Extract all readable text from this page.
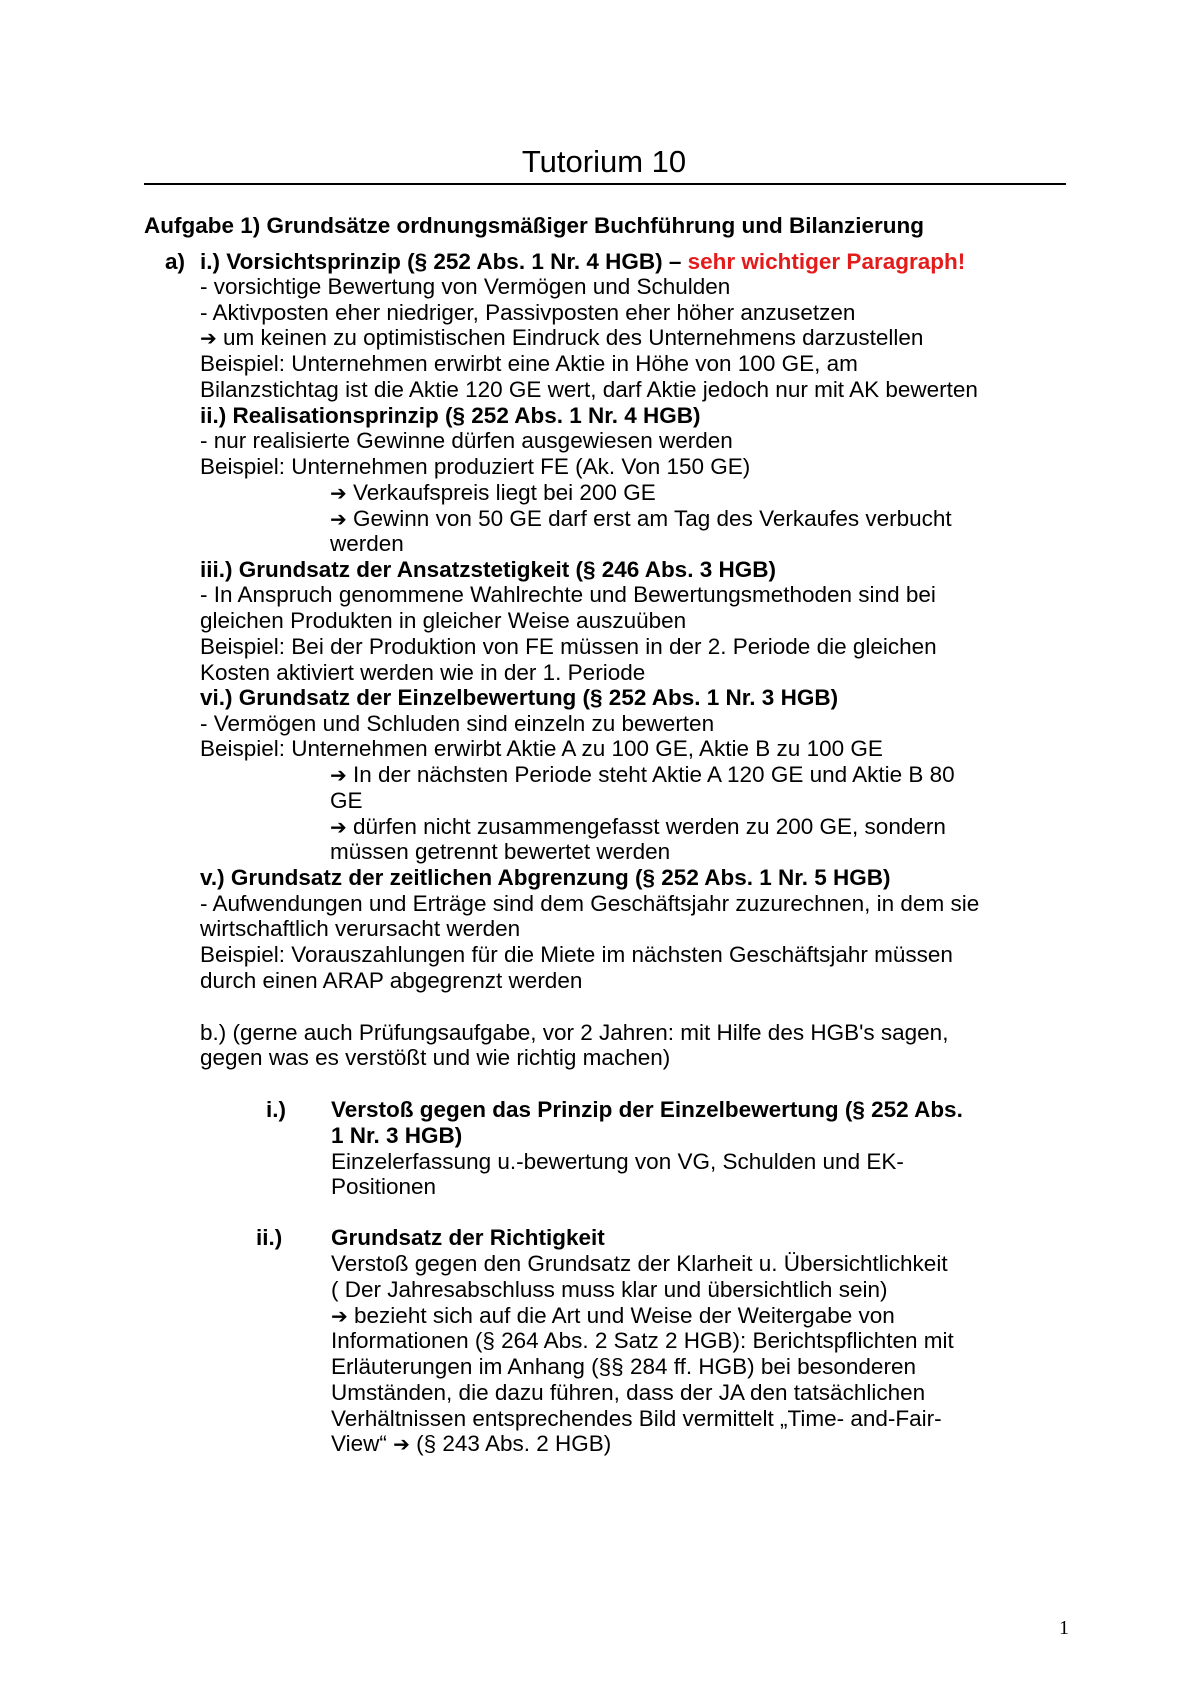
Tutorium 10
Aufgabe 1) Grundsätze ordnungsmäßiger Buchführung und Bilanzierung
a) i.) Vorsichtsprinzip (§ 252 Abs. 1 Nr. 4 HGB) – sehr wichtiger Paragraph!
- vorsichtige Bewertung von Vermögen und Schulden
- Aktivposten eher niedriger, Passivposten eher höher anzusetzen
➔ um keinen zu optimistischen Eindruck des Unternehmens darzustellen
Beispiel: Unternehmen erwirbt eine Aktie in Höhe von 100 GE, am
Bilanzstichtag ist die Aktie 120 GE wert, darf Aktie jedoch nur mit AK bewerten
ii.) Realisationsprinzip (§ 252 Abs. 1 Nr. 4 HGB)
- nur realisierte Gewinne dürfen ausgewiesen werden
Beispiel: Unternehmen produziert FE (Ak. Von 150 GE)
➔ Verkaufspreis liegt bei 200 GE
➔ Gewinn von 50 GE darf erst am Tag des Verkaufes verbucht
werden
iii.) Grundsatz der Ansatzstetigkeit (§ 246 Abs. 3 HGB)
- In Anspruch genommene Wahlrechte und Bewertungsmethoden sind bei
gleichen Produkten in gleicher Weise auszuüben
Beispiel: Bei der Produktion von FE müssen in der 2. Periode die gleichen
Kosten aktiviert werden wie in der 1. Periode
vi.) Grundsatz der Einzelbewertung (§ 252 Abs. 1 Nr. 3 HGB)
- Vermögen und Schluden sind einzeln zu bewerten
Beispiel: Unternehmen erwirbt Aktie A zu 100 GE, Aktie B zu 100 GE
➔ In der nächsten Periode steht Aktie A 120 GE und Aktie B 80
GE
➔ dürfen nicht zusammengefasst werden zu 200 GE, sondern
müssen getrennt bewertet werden
v.) Grundsatz der zeitlichen Abgrenzung (§ 252 Abs. 1 Nr. 5 HGB)
- Aufwendungen und Erträge sind dem Geschäftsjahr zuzurechnen, in dem sie
wirtschaftlich verursacht werden
Beispiel: Vorauszahlungen für die Miete im nächsten Geschäftsjahr müssen
durch einen ARAP abgegrenzt werden
b.) (gerne auch Prüfungsaufgabe, vor 2 Jahren: mit Hilfe des HGB's sagen,
gegen was es verstößt und wie richtig machen)
i.) Verstoß gegen das Prinzip der Einzelbewertung (§ 252 Abs.
1 Nr. 3 HGB)
Einzelerfassung u.-bewertung von VG, Schulden und EK-
Positionen
ii.) Grundsatz der Richtigkeit
Verstoß gegen den Grundsatz der Klarheit u. Übersichtlichkeit
( Der Jahresabschluss muss klar und übersichtlich sein)
➔ bezieht sich auf die Art und Weise der Weitergabe von
Informationen (§ 264 Abs. 2 Satz 2 HGB): Berichtspflichten mit
Erläuterungen im Anhang (§§ 284 ff. HGB) bei besonderen
Umständen, die dazu führen, dass der JA den tatsächlichen
Verhältnissen entsprechendes Bild vermittelt „Time- and-Fair-
View“ ➔ (§ 243 Abs. 2 HGB)
1
